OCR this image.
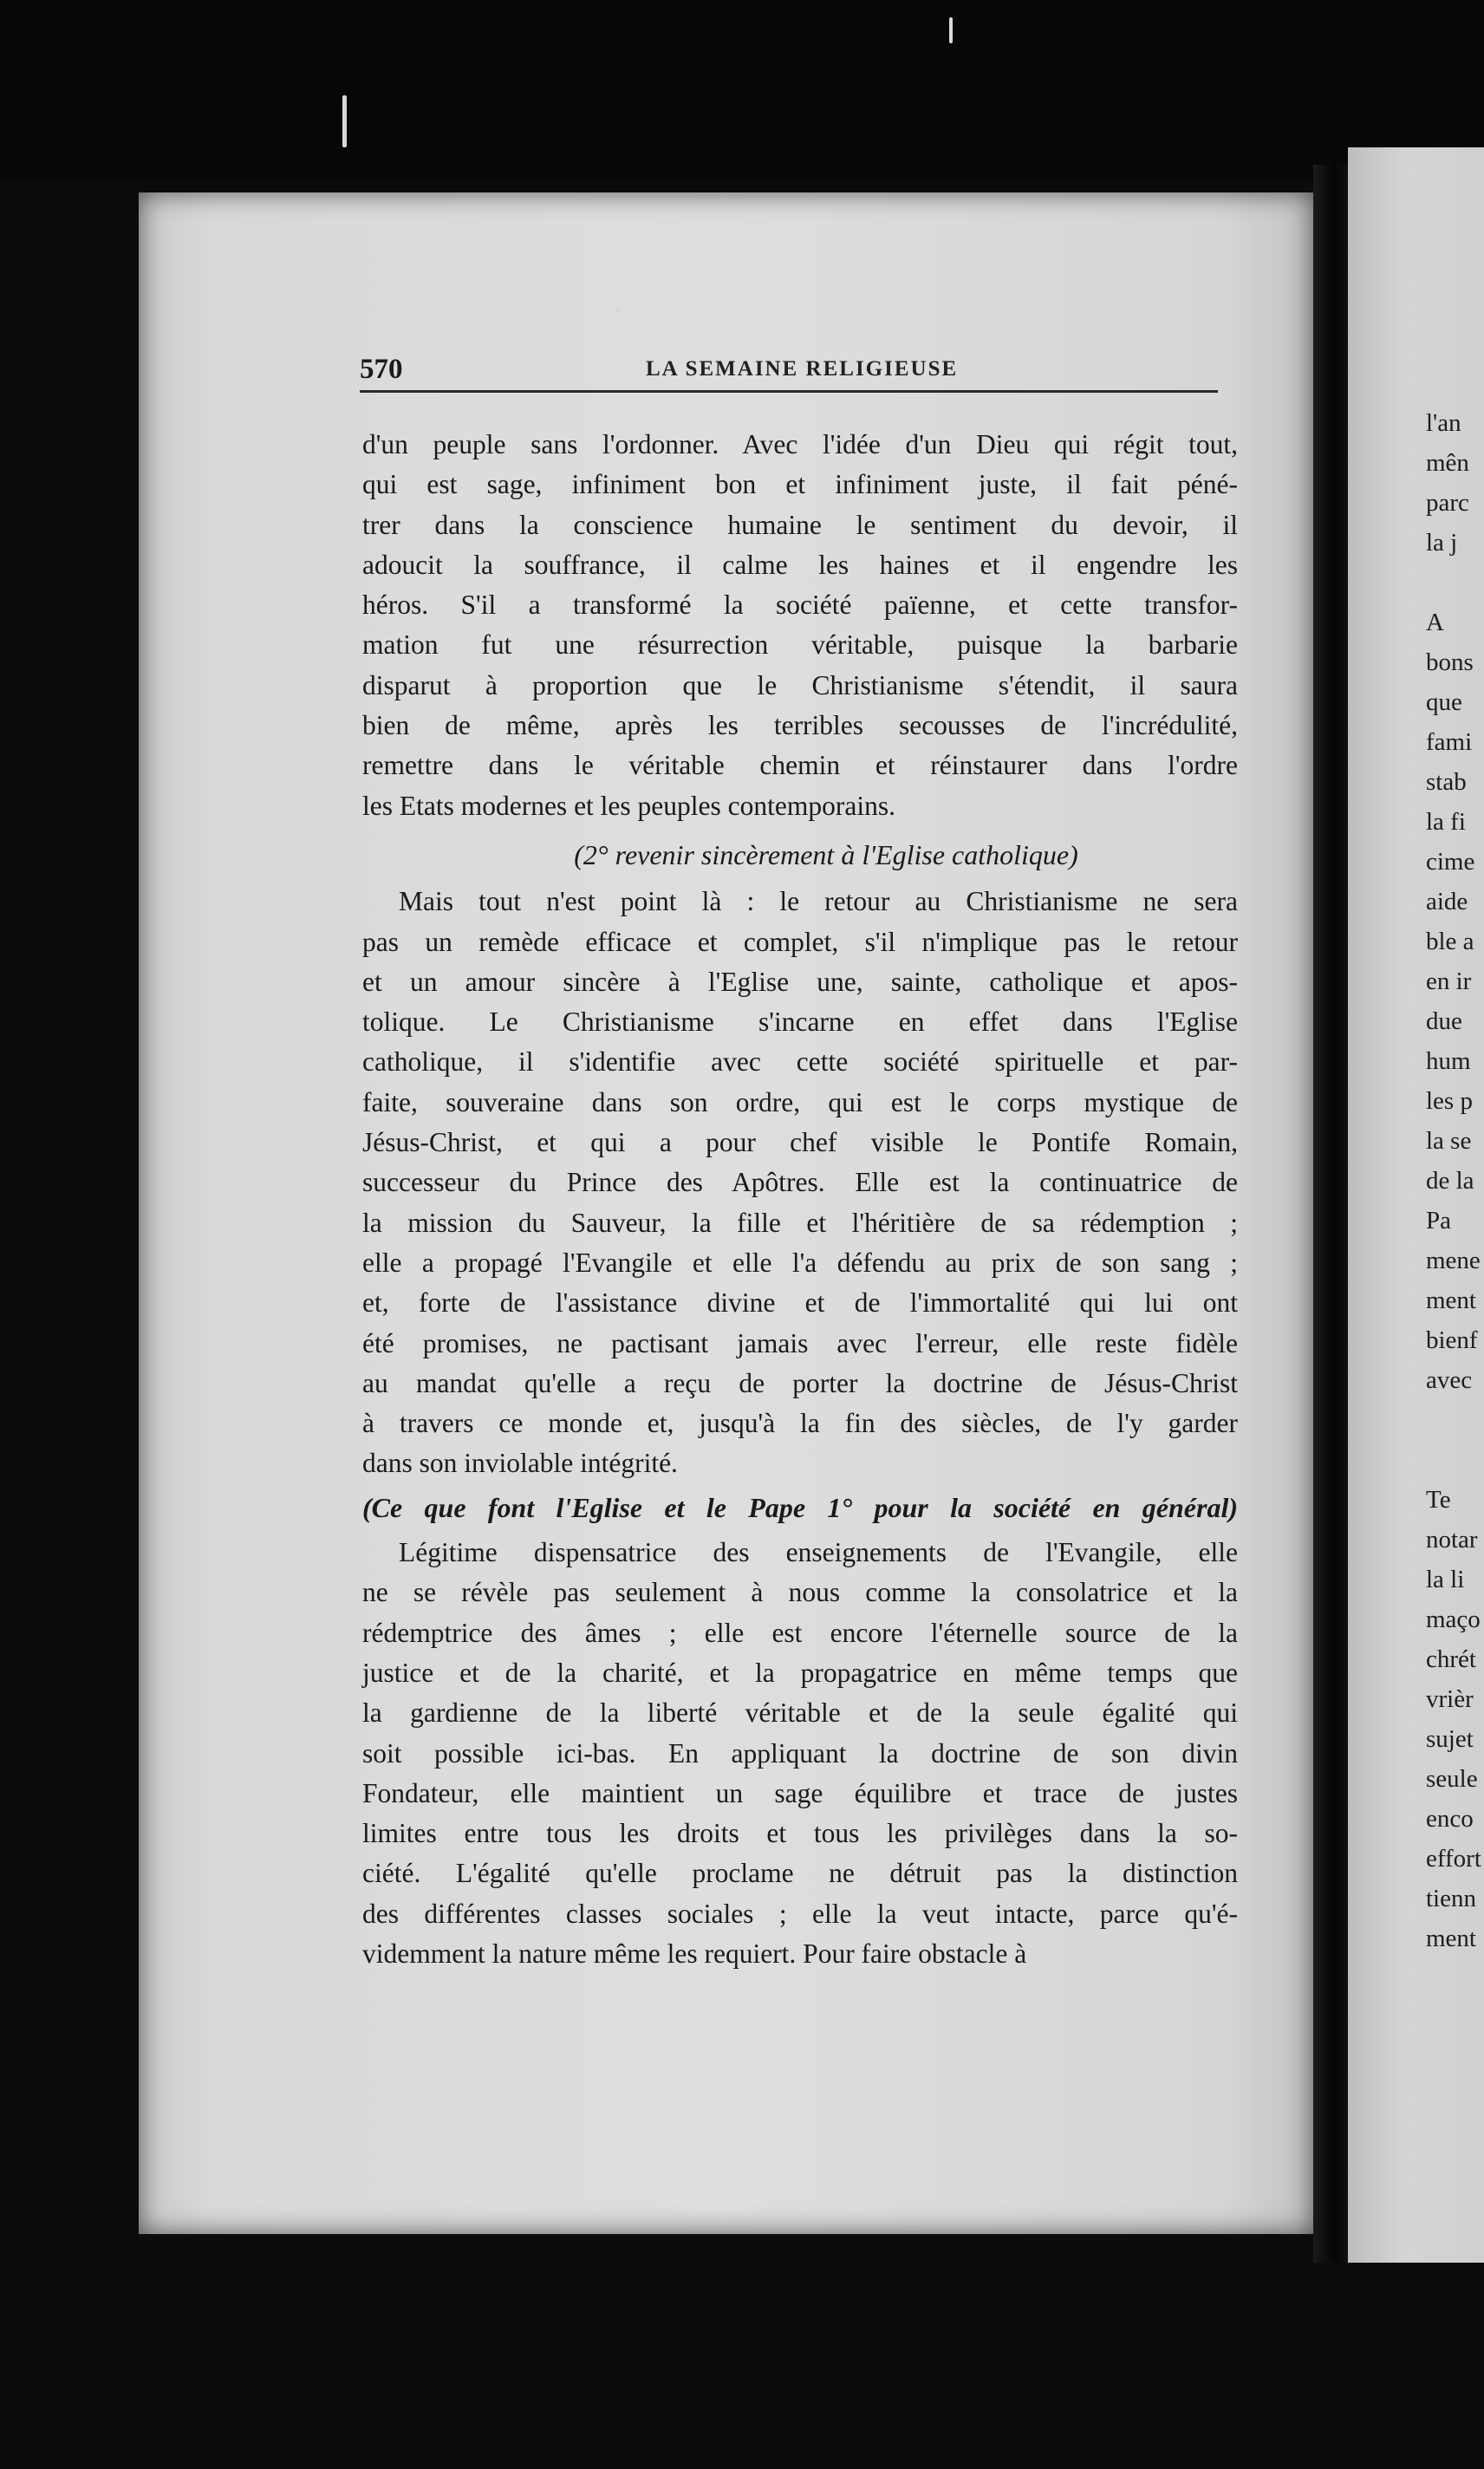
570	LA SEMAINE RELIGIEUSE
d'un peuple sans l'ordonner. Avec l'idée d'un Dieu qui régit tout,
qui est sage, infiniment bon et infiniment juste, il fait péné-
trer dans la conscience humaine le sentiment du devoir, il
adoucit la souffrance, il calme les haines et il engendre les
héros. S'il a transformé la société païenne, et cette transfor-
mation fut une résurrection véritable, puisque la barbarie
disparut à proportion que le Christianisme s'étendit, il saura
bien de même, après les terribles secousses de l'incrédulité,
remettre dans le véritable chemin et réinstaurer dans l'ordre
les Etats modernes et les peuples contemporains.
(2° revenir sincèrement à l'Eglise catholique)
Mais tout n'est point là : le retour au Christianisme ne sera
pas un remède efficace et complet, s'il n'implique pas le retour
et un amour sincère à l'Eglise une, sainte, catholique et apos-
tolique. Le Christianisme s'incarne en effet dans l'Eglise
catholique, il s'identifie avec cette société spirituelle et par-
faite, souveraine dans son ordre, qui est le corps mystique de
Jésus-Christ, et qui a pour chef visible le Pontife Romain,
successeur du Prince des Apôtres. Elle est la continuatrice de
la mission du Sauveur, la fille et l'héritière de sa rédemption ;
elle a propagé l'Evangile et elle l'a défendu au prix de son sang ;
et, forte de l'assistance divine et de l'immortalité qui lui ont
été promises, ne pactisant jamais avec l'erreur, elle reste fidèle
au mandat qu'elle a reçu de porter la doctrine de Jésus-Christ
à travers ce monde et, jusqu'à la fin des siècles, de l'y garder
dans son inviolable intégrité.
(Ce que font l'Eglise et le Pape 1° pour la société en général)
Légitime dispensatrice des enseignements de l'Evangile, elle
ne se révèle pas seulement à nous comme la consolatrice et la
rédemptrice des âmes ; elle est encore l'éternelle source de la
justice et de la charité, et la propagatrice en même temps que
la gardienne de la liberté véritable et de la seule égalité qui
soit possible ici-bas. En appliquant la doctrine de son divin
Fondateur, elle maintient un sage équilibre et trace de justes
limites entre tous les droits et tous les privilèges dans la so-
ciété. L'égalité qu'elle proclame ne détruit pas la distinction
des différentes classes sociales ; elle la veut intacte, parce qu'é-
videmment la nature même les requiert. Pour faire obstacle à
l'an
mên
parc
la j

A
bons
que
fami
stab
la fi
cime
aide
ble a
en ir
due
hum
les p
la se
de la
Pa
mene
ment
bienf
avec

Te
notar
la li
maço
chrét
vrièr
sujet
seule
enco
effort
tienn
ment
